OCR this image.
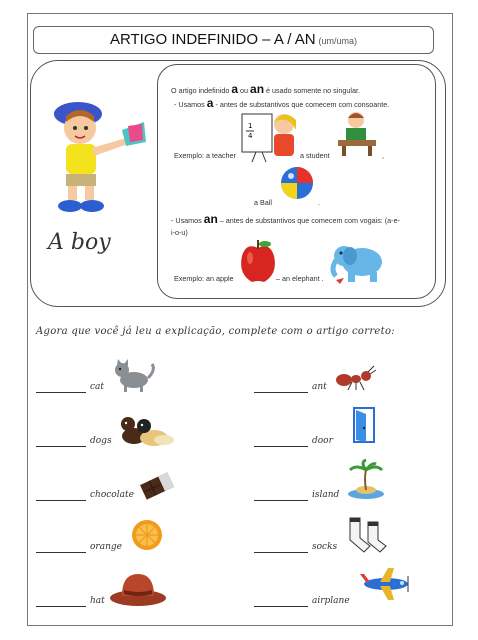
ARTIGO INDEFINIDO – A / AN (um/uma)
A boy
O artigo indefinido a ou an é usado somente no singular.
- Usamos a - antes de substantivos que comecem com consoante.
1
4
Exemplo: a teacher	a student	,
a Ball	.
- Usamos an – antes de substantivos que comecem com vogais: (a-e-
i-o-u)
Exemplo: an apple	– an elephant .
Agora que você já leu a explicação, complete com o artigo correto:
cat
dogs
chocolate
orange
hat
ant
door
island
socks
airplane
